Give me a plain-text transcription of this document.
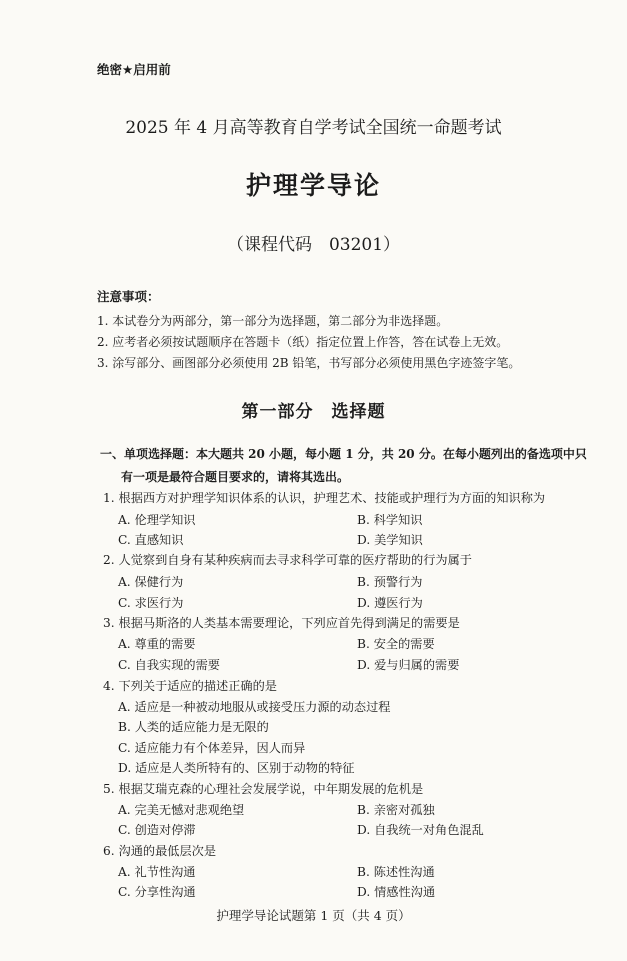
绝密★启用前
2025 年 4 月高等教育自学考试全国统一命题考试
护理学导论
（课程代码　03201）
注意事项：
1. 本试卷分为两部分，第一部分为选择题，第二部分为非选择题。
2. 应考者必须按试题顺序在答题卡（纸）指定位置上作答，答在试卷上无效。
3. 涂写部分、画图部分必须使用 2B 铅笔，书写部分必须使用黑色字迹签字笔。
第一部分　选择题
一、单项选择题：本大题共 20 小题，每小题 1 分，共 20 分。在每小题列出的备选项中只
有一项是最符合题目要求的，请将其选出。
1. 根据西方对护理学知识体系的认识，护理艺术、技能或护理行为方面的知识称为
A. 伦理学知识	B. 科学知识
C. 直感知识	D. 美学知识
2. 人觉察到自身有某种疾病而去寻求科学可靠的医疗帮助的行为属于
A. 保健行为	B. 预警行为
C. 求医行为	D. 遵医行为
3. 根据马斯洛的人类基本需要理论，下列应首先得到满足的需要是
A. 尊重的需要	B. 安全的需要
C. 自我实现的需要	D. 爱与归属的需要
4. 下列关于适应的描述正确的是
A. 适应是一种被动地服从或接受压力源的动态过程
B. 人类的适应能力是无限的
C. 适应能力有个体差异，因人而异
D. 适应是人类所特有的、区别于动物的特征
5. 根据艾瑞克森的心理社会发展学说，中年期发展的危机是
A. 完美无憾对悲观绝望	B. 亲密对孤独
C. 创造对停滞	D. 自我统一对角色混乱
6. 沟通的最低层次是
A. 礼节性沟通	B. 陈述性沟通
C. 分享性沟通	D. 情感性沟通
护理学导论试题第 1 页（共 4 页）
